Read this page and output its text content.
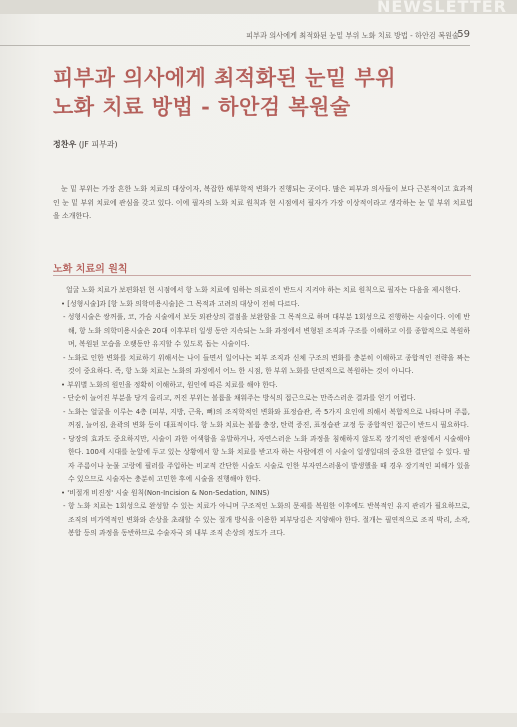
NEWSLETTER
피부과 의사에게 최적화된 눈밑 부위 노화 치료 방법 - 하안검 복원술
59
피부과 의사에게 최적화된 눈밑 부위
노화 치료 방법 - 하안검 복원술
정찬우 (JF 피부과)
눈 밑 부위는 가장 흔한 노화 치료의 대상이자, 복잡한 해부학적 변화가 진행되는 곳이다. 많은 피부과 의사들이 보다 근본적이고 효과적인 눈 밑 부위 치료에 관심을 갖고 있다. 이에 필자의 노화 치료 원칙과 현 시점에서 필자가 가장 이상적이라고 생각하는 눈 밑 부위 치료법을 소개한다.
노화 치료의 원칙

얼굴 노화 치료가 보편화된 현 시점에서 항 노화 치료에 임하는 의료진이 반드시 지켜야 하는 치료 원칙으로 필자는 다음을 제시한다.

• [성형시술]과 [항 노화 의학미용시술]은 그 목적과 고려의 대상이 전혀 다르다.

- 성형시술은 쌍꺼풀, 코, 가슴 시술에서 보듯 외관상의 결점을 보완함을 그 목적으로 하며 대부분 1회성으로 진행하는 시술이다. 이에 반해, 항 노화 의학미용시술은 20대 이후부터 일생 동안 지속되는 노화 과정에서 변형된 조직과 구조를 이해하고 이를 종합적으로 복원하며, 복원된 모습을 오랫동안 유지할 수 있도록 돕는 시술이다.

- 노화로 인한 변화를 치료하기 위해서는 나이 들면서 일어나는 피부 조직과 신체 구조의 변화를 충분히 이해하고 종합적인 전략을 짜는 것이 중요하다. 즉, 항 노화 치료는 노화의 과정에서 어느 한 시점, 한 부위 노화를 단편적으로 복원하는 것이 아니다.

• 부위별 노화의 원인을 정확히 이해하고, 원인에 따른 치료를 해야 한다.

- 단순히 늘어진 부분을 당겨 올리고, 꺼진 부위는 볼륨을 채워주는 방식의 접근으로는 만족스러운 결과를 얻기 어렵다.

- 노화는 얼굴을 이루는 4층 (피부, 지방, 근육, 뼈)의 조직학적인 변화와 표정습관, 즉 5가지 요인에 의해서 복합적으로 나타나며 주름, 꺼짐, 늘어짐, 윤곽의 변화 등이 대표적이다. 항 노화 치료는 볼륨 충장, 탄력 증진, 표정습관 교정 등 종합적인 접근이 반드시 필요하다.

- 당장의 효과도 중요하지만, 시술이 과한 어색함을 유발하거나, 자연스러운 노화 과정을 침해하지 않도록 장기적인 관점에서 시술해야 한다. 100세 시대를 눈앞에 두고 있는 상황에서 항 노화 치료를 받고자 하는 사람에겐 이 시술이 일생일대의 중요한 결단일 수 있다. 팔자 주름이나 눈물 고랑에 필러를 주입하는 비교적 간단한 시술도 시술로 인한 부자연스러움이 발생했을 때 경우 장기적인 피해가 있을 수 있으므로 시술자는 충분히 고민한 후에 시술을 진행해야 한다.

• '비절개 비진정' 시술 원칙(Non-Incision & Non-Sedation, NINS)

- 항 노화 치료는 1회성으로 완성할 수 있는 치료가 아니며 구조적인 노화의 문제를 복원한 이후에도 반복적인 유지 관리가 필요하므로, 조직의 비가역적인 변화와 손상을 초래할 수 있는 절개 방식을 이용한 피부당김은 지양해야 한다. 절개는 필연적으로 조직 박리, 소작, 봉합 등의 과정을 동반하므로 수술자국 외 내부 조직 손상의 정도가 크다.
